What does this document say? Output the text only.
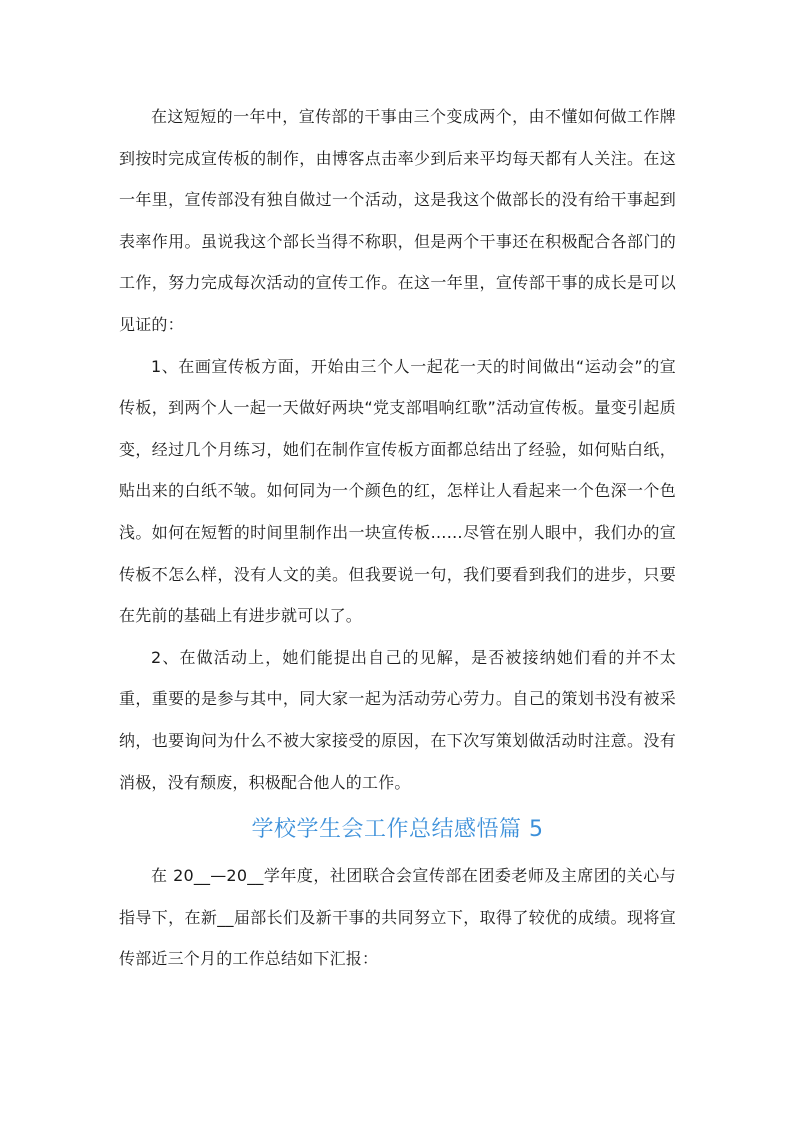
在这短短的一年中，宣传部的干事由三个变成两个，由不懂如何做工作牌到按时完成宣传板的制作，由博客点击率少到后来平均每天都有人关注。在这一年里，宣传部没有独自做过一个活动，这是我这个做部长的没有给干事起到表率作用。虽说我这个部长当得不称职，但是两个干事还在积极配合各部门的工作，努力完成每次活动的宣传工作。在这一年里，宣传部干事的成长是可以见证的：

1、在画宣传板方面，开始由三个人一起花一天的时间做出“运动会”的宣传板，到两个人一起一天做好两块“党支部唱响红歌”活动宣传板。量变引起质变，经过几个月练习，她们在制作宣传板方面都总结出了经验，如何贴白纸，贴出来的白纸不皱。如何同为一个颜色的红，怎样让人看起来一个色深一个色浅。如何在短暂的时间里制作出一块宣传板……尽管在别人眼中，我们办的宣传板不怎么样，没有人文的美。但我要说一句，我们要看到我们的进步，只要在先前的基础上有进步就可以了。

2、在做活动上，她们能提出自己的见解，是否被接纳她们看的并不太重，重要的是参与其中，同大家一起为活动劳心劳力。自己的策划书没有被采纳，也要询问为什么不被大家接受的原因，在下次写策划做活动时注意。没有消极，没有颓废，积极配合他人的工作。

学校学生会工作总结感悟篇 5

在 20__—20__学年度，社团联合会宣传部在团委老师及主席团的关心与指导下，在新__届部长们及新干事的共同努立下，取得了较优的成绩。现将宣传部近三个月的工作总结如下汇报：
